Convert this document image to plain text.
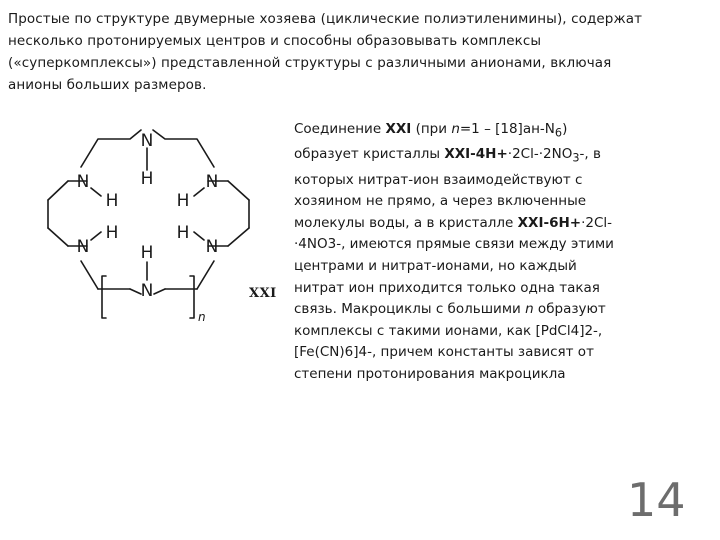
Простые по структуре двумерные хозяева (циклические полиэтиленимины), содержат
несколько протонируемых центров и способны образовывать комплексы
(«суперкомплексы») представленной структуры с различными анионами, включая
анионы больших размеров.
N
H
H
N
N	N
N	N
H	H
H	H
n
XXI
Соединение XXI (при $n=1 - [18]ан-N_6$)
образует кристаллы XXI-$4H+\cdot 2Cl-\cdot 2NO_3-$, в
которых нитрат-ион взаимодействуют с
хозяином не прямо, а через включенные
молекулы воды, а в кристалле XXI-6H+·2Cl-
·4NO3-, имеются прямые связи между этими
центрами и нитрат-ионами, но каждый
нитрат ион приходится только одна такая
связь. Макроциклы с большими n образуют
комплексы с такими ионами, как [PdCl4]2-,
[Fe(CN)6]4-, причем константы зависят от
степени протонирования макроцикла
14
